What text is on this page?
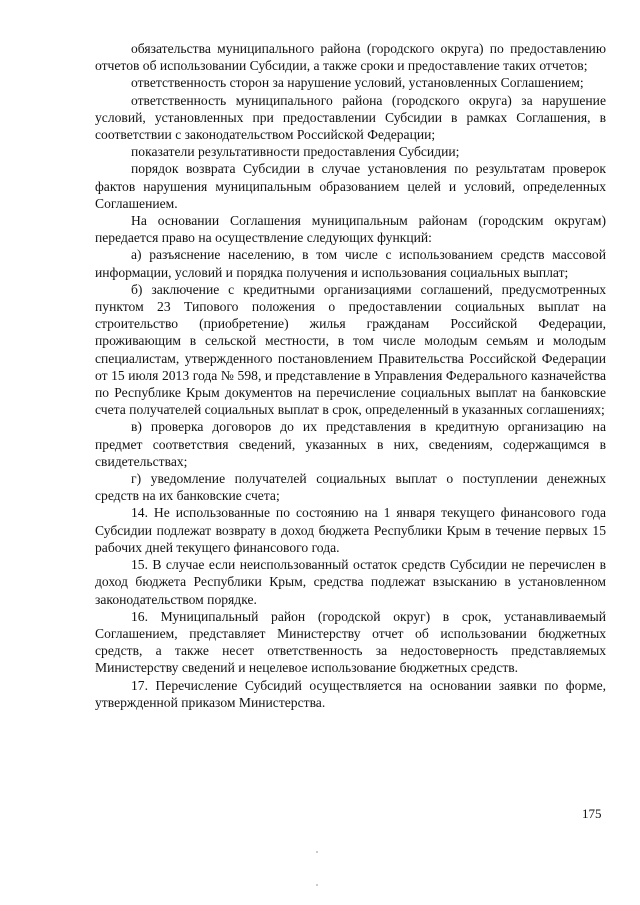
обязательства муниципального района (городского округа) по предоставлению отчетов об использовании Субсидии, а также сроки и предоставление таких отчетов;

ответственность сторон за нарушение условий, установленных Соглашением;

ответственность муниципального района (городского округа) за нарушение условий, установленных при предоставлении Субсидии в рамках Соглашения, в соответствии с законодательством Российской Федерации;

показатели результативности предоставления Субсидии;

порядок возврата Субсидии в случае установления по результатам проверок фактов нарушения муниципальным образованием целей и условий, определенных Соглашением.

На основании Соглашения муниципальным районам (городским округам) передается право на осуществление следующих функций:

а) разъяснение населению, в том числе с использованием средств массовой информации, условий и порядка получения и использования социальных выплат;

б) заключение с кредитными организациями соглашений, предусмотренных пунктом 23 Типового положения о предоставлении социальных выплат на строительство (приобретение) жилья гражданам Российской Федерации, проживающим в сельской местности, в том числе молодым семьям и молодым специалистам, утвержденного постановлением Правительства Российской Федерации от 15 июля 2013 года № 598, и представление в Управления Федерального казначейства по Республике Крым документов на перечисление социальных выплат на банковские счета получателей социальных выплат в срок, определенный в указанных соглашениях;

в) проверка договоров до их представления в кредитную организацию на предмет соответствия сведений, указанных в них, сведениям, содержащимся в свидетельствах;

г) уведомление получателей социальных выплат о поступлении денежных средств на их банковские счета;

14. Не использованные по состоянию на 1 января текущего финансового года Субсидии подлежат возврату в доход бюджета Республики Крым в течение первых 15 рабочих дней текущего финансового года.

15. В случае если неиспользованный остаток средств Субсидии не перечислен в доход бюджета Республики Крым, средства подлежат взысканию в установленном законодательством порядке.

16. Муниципальный район (городской округ) в срок, устанавливаемый Соглашением, представляет Министерству отчет об использовании бюджетных средств, а также несет ответственность за недостоверность представляемых Министерству сведений и нецелевое использование бюджетных средств.

17. Перечисление Субсидий осуществляется на основании заявки по форме, утвержденной приказом Министерства.

175
